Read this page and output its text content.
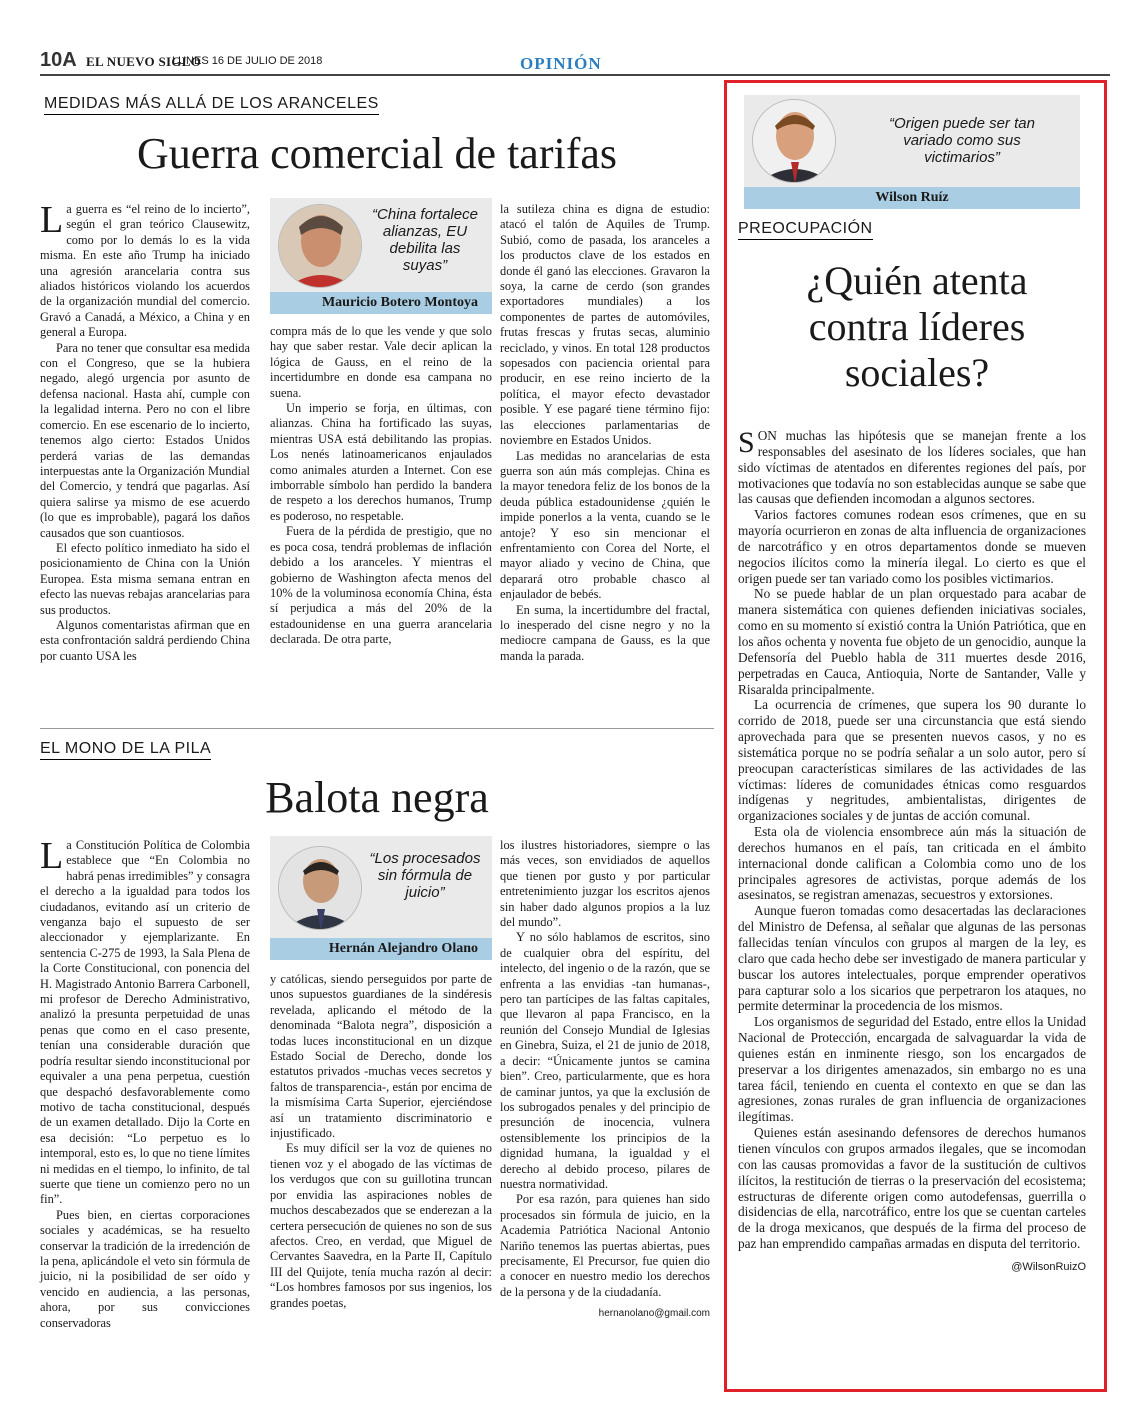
10A EL NUEVO SIGLO
LUNES 16 DE JULIO DE 2018	OPINIÓN
MEDIDAS MÁS ALLÁ DE LOS ARANCELES
Guerra comercial de tarifas

La guerra es “el reino de lo incierto”, según el gran teórico Clausewitz, como por lo demás lo es la vida misma. En este año Trump ha iniciado una agresión arancelaria contra sus aliados históricos violando los acuerdos de la organización mundial del comercio. Gravó a Canadá, a México, a China y en general a Europa.

Para no tener que consultar esa medida con el Congreso, que se la hubiera negado, alegó urgencia por asunto de defensa nacional. Hasta ahí, cumple con la legalidad interna. Pero no con el libre comercio. En ese escenario de lo incierto, tenemos algo cierto: Estados Unidos perderá varias de las demandas interpuestas ante la Organización Mundial del Comercio, y tendrá que pagarlas. Así quiera salirse ya mismo de ese acuerdo (lo que es improbable), pagará los daños causados que son cuantiosos.

El efecto político inmediato ha sido el posicionamiento de China con la Unión Europea. Esta misma semana entran en efecto las nuevas rebajas arancelarias para sus productos.

Algunos comentaristas afirman que en esta confrontación saldrá perdiendo China por cuanto USA les

“China fortalece alianzas, EU debilita las suyas”
Mauricio Botero Montoya

compra más de lo que les vende y que solo hay que saber restar. Vale decir aplican la lógica de Gauss, en el reino de la incertidumbre en donde esa campana no suena.

Un imperio se forja, en últimas, con alianzas. China ha fortificado las suyas, mientras USA está debilitando las propias. Los nenés latinoamericanos enjaulados como animales aturden a Internet. Con ese imborrable símbolo han perdido la bandera de respeto a los derechos humanos, Trump es poderoso, no respetable.

Fuera de la pérdida de prestigio, que no es poca cosa, tendrá problemas de inflación debido a los aranceles. Y mientras el gobierno de Washington afecta menos del 10% de la voluminosa economía China, ésta sí perjudica a más del 20% de la estadounidense en una guerra arancelaria declarada. De otra parte,

la sutileza china es digna de estudio: atacó el talón de Aquiles de Trump. Subió, como de pasada, los aranceles a los productos clave de los estados en donde él ganó las elecciones. Gravaron la soya, la carne de cerdo (son grandes exportadores mundiales) a los componentes de partes de automóviles, frutas frescas y frutas secas, aluminio reciclado, y vinos. En total 128 productos sopesados con paciencia oriental para producir, en ese reino incierto de la política, el mayor efecto devastador posible. Y ese pagaré tiene término fijo: las elecciones parlamentarias de noviembre en Estados Unidos.

Las medidas no arancelarias de esta guerra son aún más complejas. China es la mayor tenedora feliz de los bonos de la deuda pública estadounidense ¿quién le impide ponerlos a la venta, cuando se le antoje? Y eso sin mencionar el enfrentamiento con Corea del Norte, el mayor aliado y vecino de China, que deparará otro probable chasco al enjaulador de bebés.

En suma, la incertidumbre del fractal, lo inesperado del cisne negro y no la mediocre campana de Gauss, es la que manda la parada.

EL MONO DE LA PILA
Balota negra

La Constitución Política de Colombia establece que “En Colombia no habrá penas irredimibles” y consagra el derecho a la igualdad para todos los ciudadanos, evitando así un criterio de venganza bajo el supuesto de ser aleccionador y ejemplarizante. En sentencia C-275 de 1993, la Sala Plena de la Corte Constitucional, con ponencia del H. Magistrado Antonio Barrera Carbonell, mi profesor de Derecho Administrativo, analizó la presunta perpetuidad de unas penas que como en el caso presente, tenían una considerable duración que podría resultar siendo inconstitucional por equivaler a una pena perpetua, cuestión que despachó desfavorablemente como motivo de tacha constitucional, después de un examen detallado. Dijo la Corte en esa decisión: “Lo perpetuo es lo intemporal, esto es, lo que no tiene límites ni medidas en el tiempo, lo infinito, de tal suerte que tiene un comienzo pero no un fin”.

Pues bien, en ciertas corporaciones sociales y académicas, se ha resuelto conservar la tradición de la irredención de la pena, aplicándole el veto sin fórmula de juicio, ni la posibilidad de ser oído y vencido en audiencia, a las personas, ahora, por sus convicciones conservadoras

“Los procesados sin fórmula de juicio”
Hernán Alejandro Olano

y católicas, siendo perseguidos por parte de unos supuestos guardianes de la sindéresis revelada, aplicando el método de la denominada “Balota negra”, disposición a todas luces inconstitucional en un dizque Estado Social de Derecho, donde los estatutos privados -muchas veces secretos y faltos de transparencia-, están por encima de la mismísima Carta Superior, ejerciéndose así un tratamiento discriminatorio e injustificado.

Es muy difícil ser la voz de quienes no tienen voz y el abogado de las víctimas de los verdugos que con su guillotina truncan por envidia las aspiraciones nobles de muchos descabezados que se enderezan a la certera persecución de quienes no son de sus afectos. Creo, en verdad, que Miguel de Cervantes Saavedra, en la Parte II, Capítulo III del Quijote, tenía mucha razón al decir: “Los hombres famosos por sus ingenios, los grandes poetas,

los ilustres historiadores, siempre o las más veces, son envidiados de aquellos que tienen por gusto y por particular entretenimiento juzgar los escritos ajenos sin haber dado algunos propios a la luz del mundo”.

Y no sólo hablamos de escritos, sino de cualquier obra del espíritu, del intelecto, del ingenio o de la razón, que se enfrenta a las envidias -tan humanas-, pero tan partícipes de las faltas capitales, que llevaron al papa Francisco, en la reunión del Consejo Mundial de Iglesias en Ginebra, Suiza, el 21 de junio de 2018, a decir: “Únicamente juntos se camina bien”. Creo, particularmente, que es hora de caminar juntos, ya que la exclusión de los subrogados penales y del principio de presunción de inocencia, vulnera ostensiblemente los principios de la dignidad humana, la igualdad y el derecho al debido proceso, pilares de nuestra normatividad.

Por esa razón, para quienes han sido procesados sin fórmula de juicio, en la Academia Patriótica Nacional Antonio Nariño tenemos las puertas abiertas, pues precisamente, El Precursor, fue quien dio a conocer en nuestro medio los derechos de la persona y de la ciudadanía.

hernanolano@gmail.com
“Origen puede ser tan variado como sus victimarios”
Wilson Ruíz
PREOCUPACIÓN
¿Quién atenta
contra líderes
sociales?

SON muchas las hipótesis que se manejan frente a los responsables del asesinato de los líderes sociales, que han sido víctimas de atentados en diferentes regiones del país, por motivaciones que todavía no son establecidas aunque se sabe que las causas que defienden incomodan a algunos sectores.

Varios factores comunes rodean esos crímenes, que en su mayoría ocurrieron en zonas de alta influencia de organizaciones de narcotráfico y en otros departamentos donde se mueven negocios ilícitos como la minería ilegal. Lo cierto es que el origen puede ser tan variado como los posibles victimarios.

No se puede hablar de un plan orquestado para acabar de manera sistemática con quienes defienden iniciativas sociales, como en su momento sí existió contra la Unión Patriótica, que en los años ochenta y noventa fue objeto de un genocidio, aunque la Defensoría del Pueblo habla de 311 muertes desde 2016, perpetradas en Cauca, Antioquia, Norte de Santander, Valle y Risaralda principalmente.

La ocurrencia de crímenes, que supera los 90 durante lo corrido de 2018, puede ser una circunstancia que está siendo aprovechada para que se presenten nuevos casos, y no es sistemática porque no se podría señalar a un solo autor, pero sí preocupan características similares de las actividades de las víctimas: líderes de comunidades étnicas como resguardos indígenas y negritudes, ambientalistas, dirigentes de organizaciones sociales y de juntas de acción comunal.

Esta ola de violencia ensombrece aún más la situación de derechos humanos en el país, tan criticada en el ámbito internacional donde califican a Colombia como uno de los principales agresores de activistas, porque además de los asesinatos, se registran amenazas, secuestros y extorsiones.

Aunque fueron tomadas como desacertadas las declaraciones del Ministro de Defensa, al señalar que algunas de las personas fallecidas tenían vínculos con grupos al margen de la ley, es claro que cada hecho debe ser investigado de manera particular y buscar los autores intelectuales, porque emprender operativos para capturar solo a los sicarios que perpetraron los ataques, no permite determinar la procedencia de los mismos.

Los organismos de seguridad del Estado, entre ellos la Unidad Nacional de Protección, encargada de salvaguardar la vida de quienes están en inminente riesgo, son los encargados de preservar a los dirigentes amenazados, sin embargo no es una tarea fácil, teniendo en cuenta el contexto en que se dan las agresiones, zonas rurales de gran influencia de organizaciones ilegítimas.

Quienes están asesinando defensores de derechos humanos tienen vínculos con grupos armados ilegales, que se incomodan con las causas promovidas a favor de la sustitución de cultivos ilícitos, la restitución de tierras o la preservación del ecosistema; estructuras de diferente origen como autodefensas, guerrilla o disidencias de ella, narcotráfico, entre los que se cuentan carteles de la droga mexicanos, que después de la firma del proceso de paz han emprendido campañas armadas en disputa del territorio.

@WilsonRuizO
